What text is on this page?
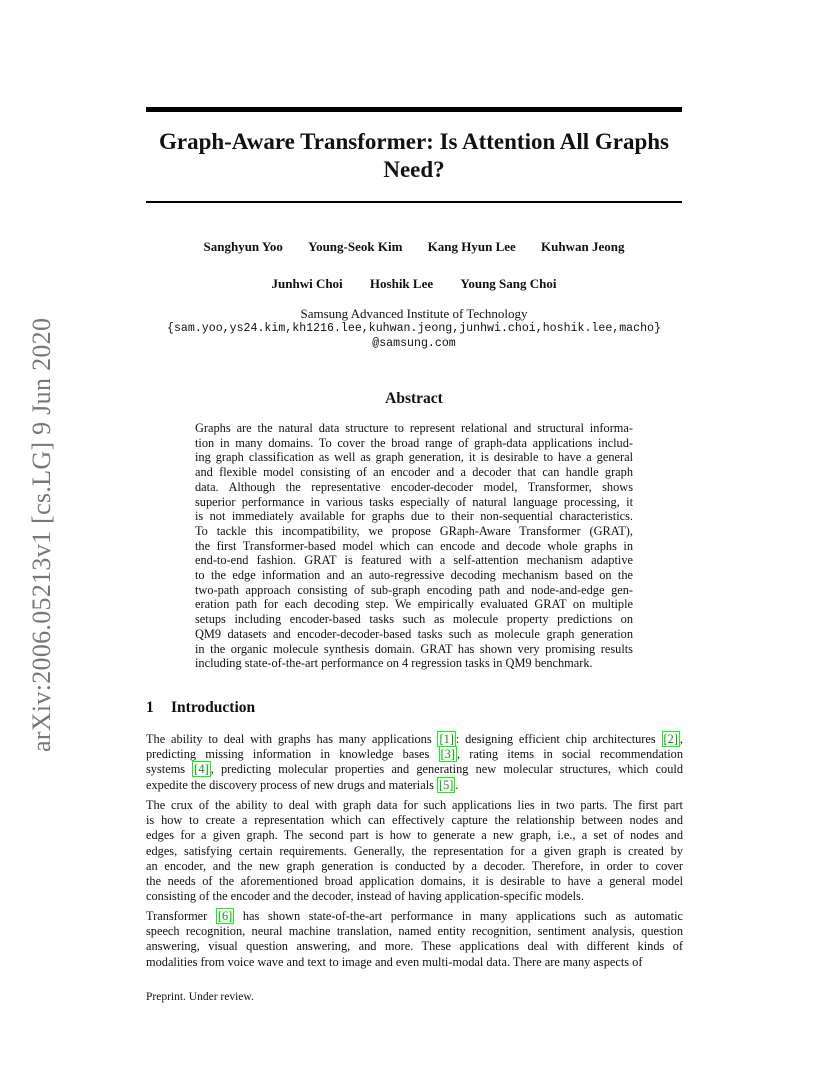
arXiv:2006.05213v1 [cs.LG] 9 Jun 2020
Graph-Aware Transformer: Is Attention All Graphs
Need?
Sanghyun Yoo Young-Seok Kim Kang Hyun Lee Kuhwan Jeong
Junhwi Choi Hoshik Lee Young Sang Choi
Samsung Advanced Institute of Technology
{sam.yoo,ys24.kim,kh1216.lee,kuhwan.jeong,junhwi.choi,hoshik.lee,macho}
@samsung.com
Abstract
Graphs are the natural data structure to represent relational and structural informa-
tion in many domains. To cover the broad range of graph-data applications includ-
ing graph classification as well as graph generation, it is desirable to have a general
and flexible model consisting of an encoder and a decoder that can handle graph
data. Although the representative encoder-decoder model, Transformer, shows
superior performance in various tasks especially of natural language processing, it
is not immediately available for graphs due to their non-sequential characteristics.
To tackle this incompatibility, we propose GRaph-Aware Transformer (GRAT),
the first Transformer-based model which can encode and decode whole graphs in
end-to-end fashion. GRAT is featured with a self-attention mechanism adaptive
to the edge information and an auto-regressive decoding mechanism based on the
two-path approach consisting of sub-graph encoding path and node-and-edge gen-
eration path for each decoding step. We empirically evaluated GRAT on multiple
setups including encoder-based tasks such as molecule property predictions on
QM9 datasets and encoder-decoder-based tasks such as molecule graph generation
in the organic molecule synthesis domain. GRAT has shown very promising results
including state-of-the-art performance on 4 regression tasks in QM9 benchmark.
1 Introduction
The ability to deal with graphs has many applications [1] : designing efficient chip architectures [2] ,
predicting missing information in knowledge bases [3] , rating items in social recommendation
systems [4] , predicting molecular properties and generating new molecular structures, which could
expedite the discovery process of new drugs and materials [5] .
The crux of the ability to deal with graph data for such applications lies in two parts. The first part
is how to create a representation which can effectively capture the relationship between nodes and
edges for a given graph. The second part is how to generate a new graph, i.e., a set of nodes and
edges, satisfying certain requirements. Generally, the representation for a given graph is created by
an encoder, and the new graph generation is conducted by a decoder. Therefore, in order to cover
the needs of the aforementioned broad application domains, it is desirable to have a general model
consisting of the encoder and the decoder, instead of having application-specific models.
Transformer [6] has shown state-of-the-art performance in many applications such as automatic
speech recognition, neural machine translation, named entity recognition, sentiment analysis, question
answering, visual question answering, and more. These applications deal with different kinds of
modalities from voice wave and text to image and even multi-modal data. There are many aspects of
Preprint. Under review.
